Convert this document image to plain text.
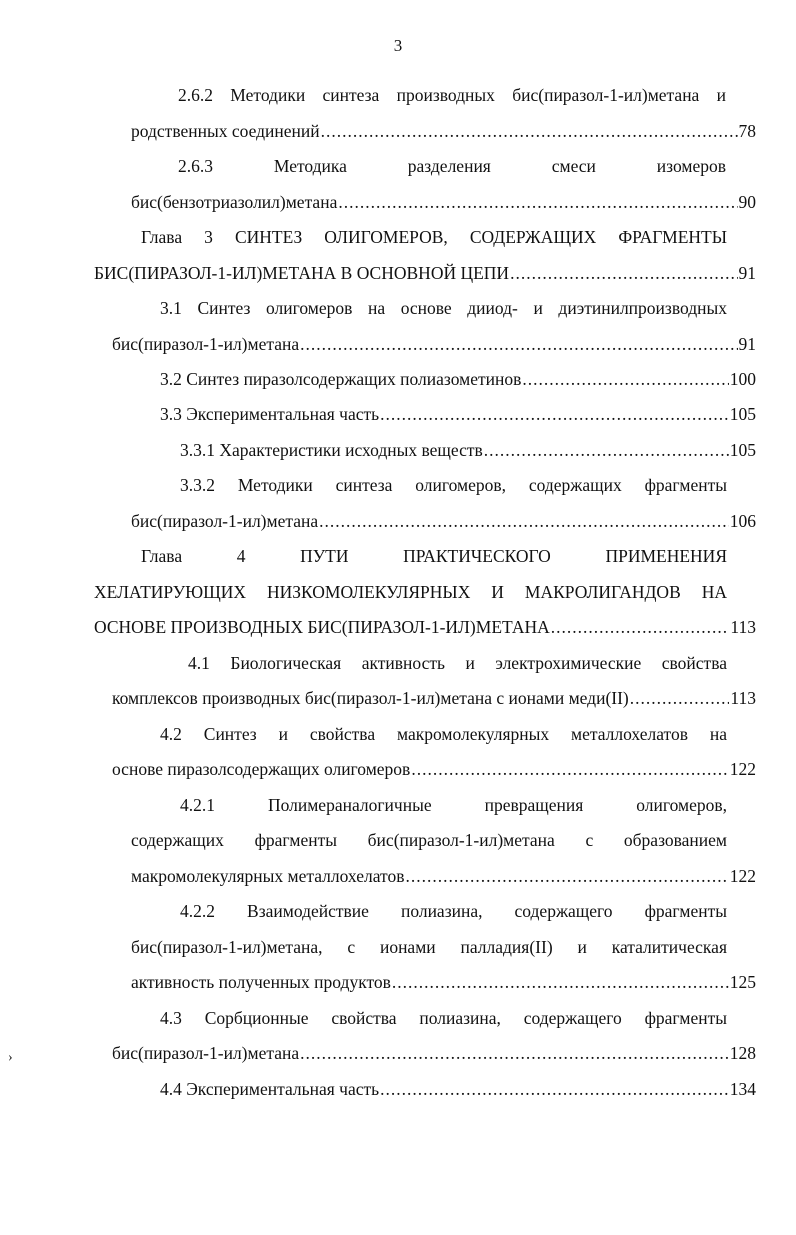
3
2.6.2 Методики синтеза производных бис(пиразол-1-ил)метана и
родственных соединений .....	78
2.6.3 Методика разделения смеси изомеров
бис(бензотриазолил)метана .....	90
Глава 3 СИНТЕЗ ОЛИГОМЕРОВ, СОДЕРЖАЩИХ ФРАГМЕНТЫ
БИС(ПИРАЗОЛ-1-ИЛ)МЕТАНА В ОСНОВНОЙ ЦЕПИ .....	91
3.1 Синтез олигомеров на основе дииод- и диэтинилпроизводных
бис(пиразол-1-ил)метана .....	91
3.2 Синтез пиразолсодержащих полиазометинов .....	100
3.3 Экспериментальная часть .....	105
3.3.1 Характеристики исходных веществ .....	105
3.3.2 Методики синтеза олигомеров, содержащих фрагменты
бис(пиразол-1-ил)метана .....	106
Глава 4 ПУТИ ПРАКТИЧЕСКОГО ПРИМЕНЕНИЯ
ХЕЛАТИРУЮЩИХ НИЗКОМОЛЕКУЛЯРНЫХ И МАКРОЛИГАНДОВ НА
ОСНОВЕ ПРОИЗВОДНЫХ БИС(ПИРАЗОЛ-1-ИЛ)МЕТАНА .....	113
4.1 Биологическая активность и электрохимические свойства
комплексов производных бис(пиразол-1-ил)метана с ионами меди(II) .....	113
4.2 Синтез и свойства макромолекулярных металлохелатов на
основе пиразолсодержащих олигомеров .....	122
4.2.1 Полимераналогичные превращения олигомеров,
содержащих фрагменты бис(пиразол-1-ил)метана с образованием
макромолекулярных металлохелатов .....	122
4.2.2 Взаимодействие полиазина, содержащего фрагменты
бис(пиразол-1-ил)метана, с ионами палладия(II) и каталитическая
активность полученных продуктов .....	125
4.3 Сорбционные свойства полиазина, содержащего фрагменты
бис(пиразол-1-ил)метана .....	128
4.4 Экспериментальная часть .....	134
›
